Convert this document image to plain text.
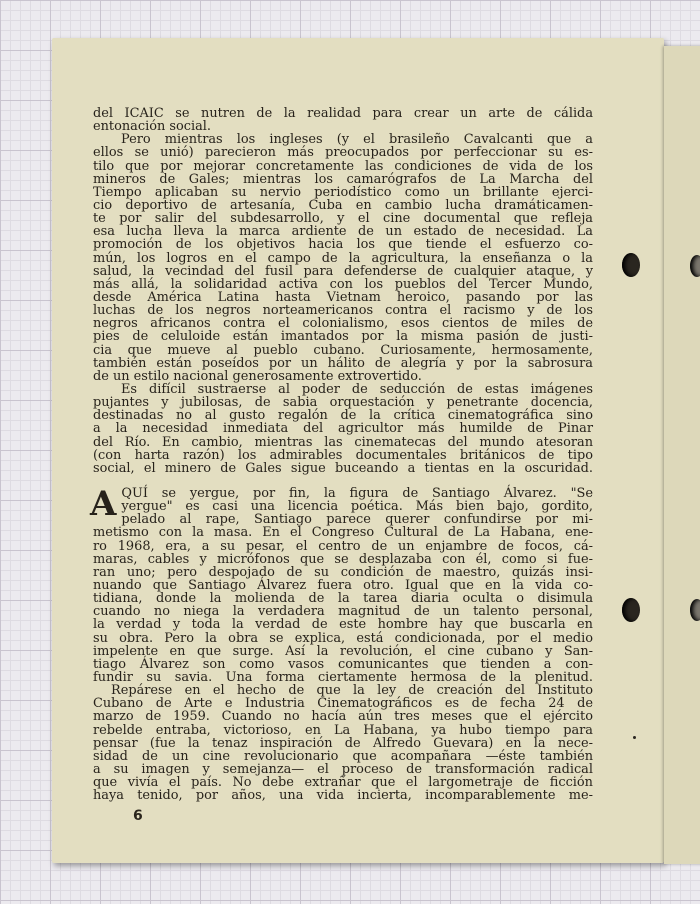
del ICAIC se nutren de la realidad para crear un arte de cálida
entonación social.
Pero mientras los ingleses (y el brasileño Cavalcanti que a
ellos se unió) parecieron más preocupados por perfeccionar su es-
tilo que por mejorar concretamente las condiciones de vida de los
mineros de Gales; mientras los camarógrafos de La Marcha del
Tiempo aplicaban su nervio periodístico como un brillante ejerci-
cio deportivo de artesanía, Cuba en cambio lucha dramáticamen-
te por salir del subdesarrollo, y el cine documental que refleja
esa lucha lleva la marca ardiente de un estado de necesidad. La
promoción de los objetivos hacia los que tiende el esfuerzo co-
mún, los logros en el campo de la agricultura, la enseñanza o la
salud, la vecindad del fusil para defenderse de cualquier ataque, y
más allá, la solidaridad activa con los pueblos del Tercer Mundo,
desde América Latina hasta Vietnam heroico, pasando por las
luchas de los negros norteamericanos contra el racismo y de los
negros africanos contra el colonialismo, esos cientos de miles de
pies de celuloide están imantados por la misma pasión de justi-
cia que mueve al pueblo cubano. Curiosamente, hermosamente,
también están poseídos por un hálito de alegría y por la sabrosura
de un estilo nacional generosamente extrovertido.
Es difícil sustraerse al poder de seducción de estas imágenes
pujantes y jubilosas, de sabia orquestación y penetrante docencia,
destinadas no al gusto regalón de la crítica cinematográfica sino
a la necesidad inmediata del agricultor más humilde de Pinar
del Río. En cambio, mientras las cinematecas del mundo atesoran
(con harta razón) los admirables documentales británicos de tipo
social, el minero de Gales sigue buceando a tientas en la oscuridad.
A QUÍ se yergue, por fin, la figura de Santiago Álvarez. "Se
yergue" es casi una licencia poética. Más bien bajo, gordito,
pelado al rape, Santiago parece querer confundirse por mi-
metismo con la masa. En el Congreso Cultural de La Habana, ene-
ro 1968, era, a su pesar, el centro de un enjambre de focos, cá-
maras, cables y micrófonos que se desplazaba con él, como si fue-
ran uno; pero despojado de su condición de maestro, quizás insi-
nuando que Santiago Álvarez fuera otro. Igual que en la vida co-
tidiana, donde la molienda de la tarea diaria oculta o disimula
cuando no niega la verdadera magnitud de un talento personal,
la verdad y toda la verdad de este hombre hay que buscarla en
su obra. Pero la obra se explica, está condicionada, por el medio
impelente en que surge. Así la revolución, el cine cubano y San-
tiago Álvarez son como vasos comunicantes que tienden a con-
fundir su savia. Una forma ciertamente hermosa de la plenitud.
Repárese en el hecho de que la ley de creación del Instituto
Cubano de Arte e Industria Cinematográficos es de fecha 24 de
marzo de 1959. Cuando no hacía aún tres meses que el ejército
rebelde entraba, victorioso, en La Habana, ya hubo tiempo para
pensar (fue la tenaz inspiración de Alfredo Guevara) en la nece-
sidad de un cine revolucionario que acompañara —éste también
a su imagen y semejanza— el proceso de transformación radical
que vivía el país. No debe extrañar que el largometraje de ficción
haya tenido, por años, una vida incierta, incomparablemente me-
6
